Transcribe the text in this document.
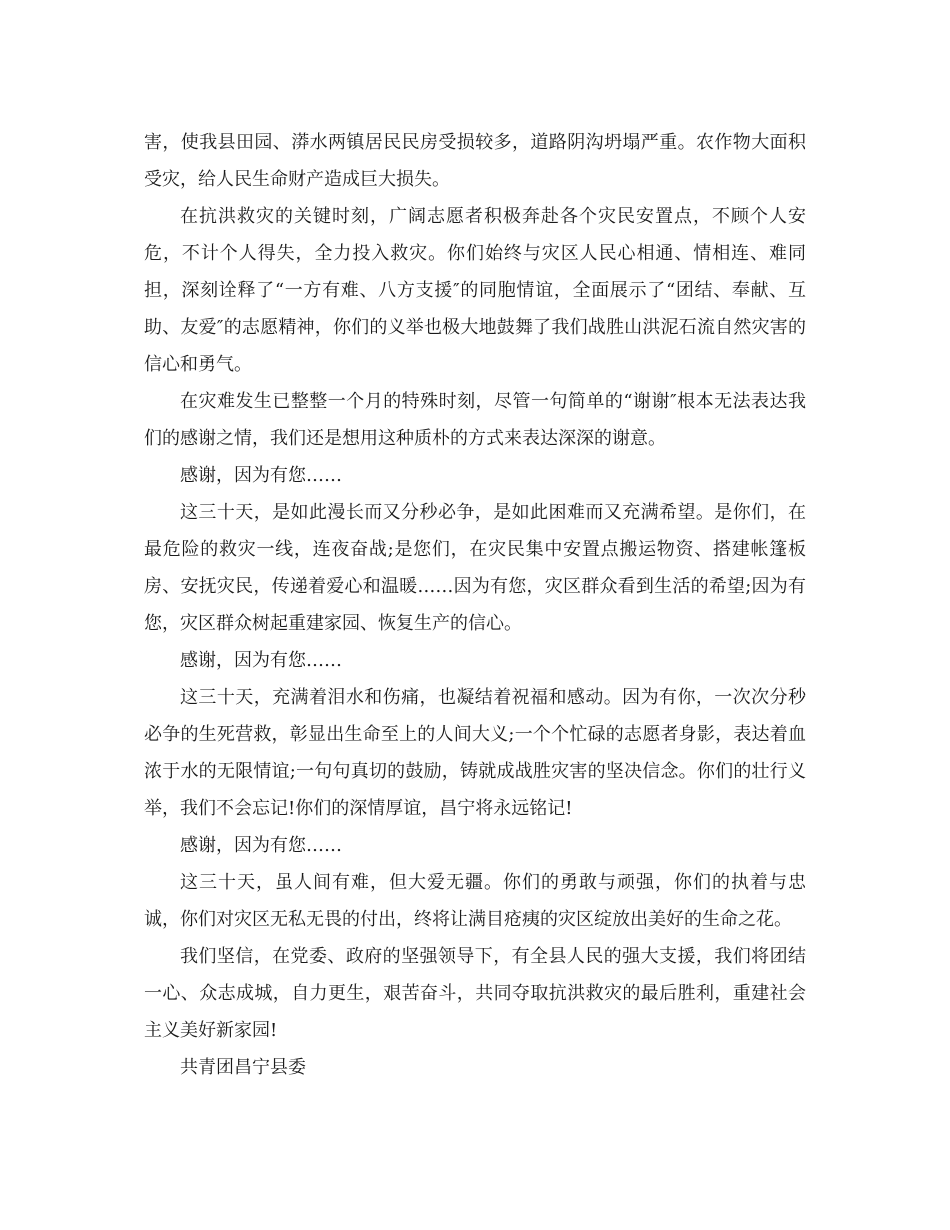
害，使我县田园、漭水两镇居民民房受损较多，道路阴沟坍塌严重。农作物大面积受灾，给人民生命财产造成巨大损失。

在抗洪救灾的关键时刻，广阔志愿者积极奔赴各个灾民安置点，不顾个人安危，不计个人得失，全力投入救灾。你们始终与灾区人民心相通、情相连、难同担，深刻诠释了“一方有难、八方支援″的同胞情谊，全面展示了“团结、奉献、互助、友爱″的志愿精神，你们的义举也极大地鼓舞了我们战胜山洪泥石流自然灾害的信心和勇气。

在灾难发生已整整一个月的特殊时刻，尽管一句简单的“谢谢″根本无法表达我们的感谢之情，我们还是想用这种质朴的方式来表达深深的谢意。

感谢，因为有您……

这三十天，是如此漫长而又分秒必争，是如此困难而又充满希望。是你们，在最危险的救灾一线，连夜奋战;是您们，在灾民集中安置点搬运物资、搭建帐篷板房、安抚灾民，传递着爱心和温暖……因为有您，灾区群众看到生活的希望;因为有您，灾区群众树起重建家园、恢复生产的信心。

感谢，因为有您……

这三十天，充满着泪水和伤痛，也凝结着祝福和感动。因为有你，一次次分秒必争的生死营救，彰显出生命至上的人间大义;一个个忙碌的志愿者身影，表达着血浓于水的无限情谊;一句句真切的鼓励，铸就成战胜灾害的坚决信念。你们的壮行义举，我们不会忘记!你们的深情厚谊，昌宁将永远铭记!

感谢，因为有您……

这三十天，虽人间有难，但大爱无疆。你们的勇敢与顽强，你们的执着与忠诚，你们对灾区无私无畏的付出，终将让满目疮痍的灾区绽放出美好的生命之花。

我们坚信，在党委、政府的坚强领导下，有全县人民的强大支援，我们将团结一心、众志成城，自力更生，艰苦奋斗，共同夺取抗洪救灾的最后胜利，重建社会主义美好新家园!

共青团昌宁县委
